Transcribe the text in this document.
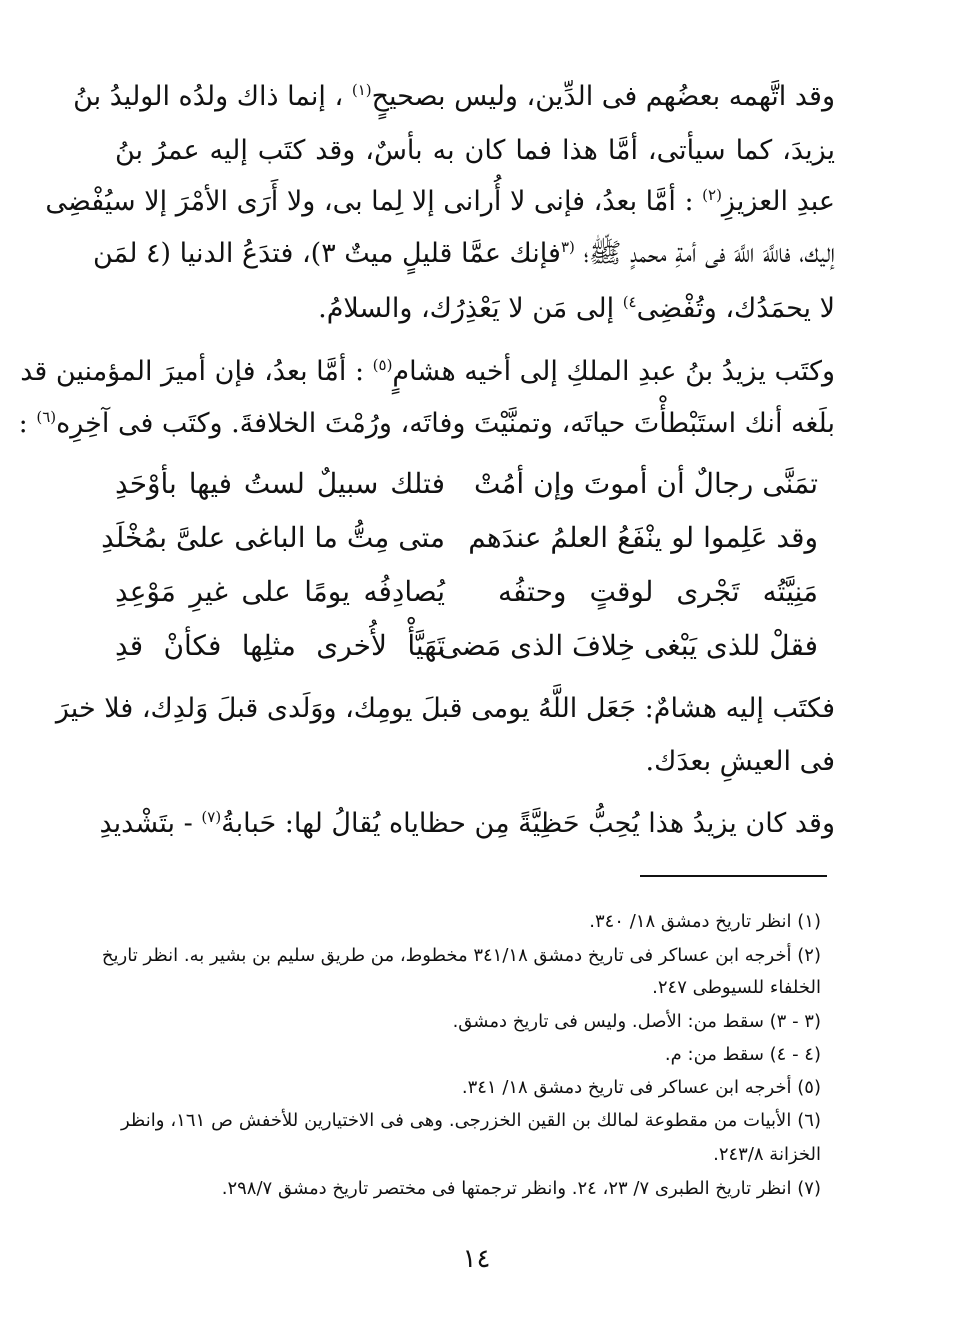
وقد اتَّهمه بعضُهم فى الدِّين، وليس بصحيحٍ$^{(١)}$ ، إنما ذاك ولدُه الوليدُ بنُ
يزيدَ، كما سيأتى، أمَّا هذا فما كان به بأسٌ، وقد كتَب إليه عمرُ بنُ
عبدِ العزيزِ$^{(٢)}$ : أمَّا بعدُ، فإنى لا أُرانى إلا لِما بى، ولا أَرَى الأمْرَ إلا سيُفْضِى
إليك، فاللَّهَ اللَّهَ فى أمةِ محمدٍ ﷺ؛ $^{(٣}$فإنك عمَّا قليلٍ ميتٌ ٣)، فتدَعُ الدنيا (٤ لمَن
لا يحمَدُك، وتُفْضِى$^{٤)}$ إلى مَن لا يَعْذِرُك، والسلامُ.
وكتَب يزيدُ بنُ عبدِ الملكِ إلى أخيه هشامٍ$^{(٥)}$ : أمَّا بعدُ، فإن أميرَ المؤمنين قد
بلَغه أنك استَبْطأْتَ حياتَه، وتمنَّيْتَ وفاتَه، ورُمْتَ الخلافةَ. وكتَب فى آخِرِه$^{(٦)}$ :
تمَنَّى رجالٌ أن أموتَ وإن أمُتْ
فتلك سبيلٌ لستُ فيها بأوْحَدِ
وقد عَلِموا لو ينْفَعُ العلمُ عندَهم
متى مِتُّ ما الباغى علىَّ بمُخْلَدِ
مَنِيَّتُه تَجْرى لوقتٍ وحتفُه
يُصادِفُه يومًا على غيرِ مَوْعِدِ
فقلْ للذى يَبْغى خِلافَ الذى مَضى
تَهَيَّأْ لأُخرى مثلِها فكأنْ قدِ
فكتَب إليه هشامٌ: جَعَل اللَّهُ يومى قبلَ يومِك، ووَلَدى قبلَ وَلدِك، فلا خيرَ
فى العيشِ بعدَك.
وقد كان يزيدُ هذا يُحِبُّ حَظِيَّةً مِن حظاياه يُقالُ لها: حَبابةُ$^{(٧)}$ - بتَشْديدِ
(١) انظر تاريخ دمشق ١٨/ ٣٤٠.
(٢) أخرجه ابن عساكر فى تاريخ دمشق ٣٤١/١٨ مخطوط، من طريق سليم بن بشير به. انظر تاريخ
الخلفاء للسيوطى ٢٤٧.
(٣ - ٣) سقط من: الأصل. وليس فى تاريخ دمشق.
(٤ - ٤) سقط من: م.
(٥) أخرجه ابن عساكر فى تاريخ دمشق ١٨/ ٣٤١.
(٦) الأبيات من مقطوعة لمالك بن القين الخزرجى. وهى فى الاختيارين للأخفش ص ١٦١، وانظر
الخزانة ٢٤٣/٨.
(٧) انظر تاريخ الطبرى ٧/ ٢٣، ٢٤. وانظر ترجمتها فى مختصر تاريخ دمشق ٢٩٨/٧.
١٤
